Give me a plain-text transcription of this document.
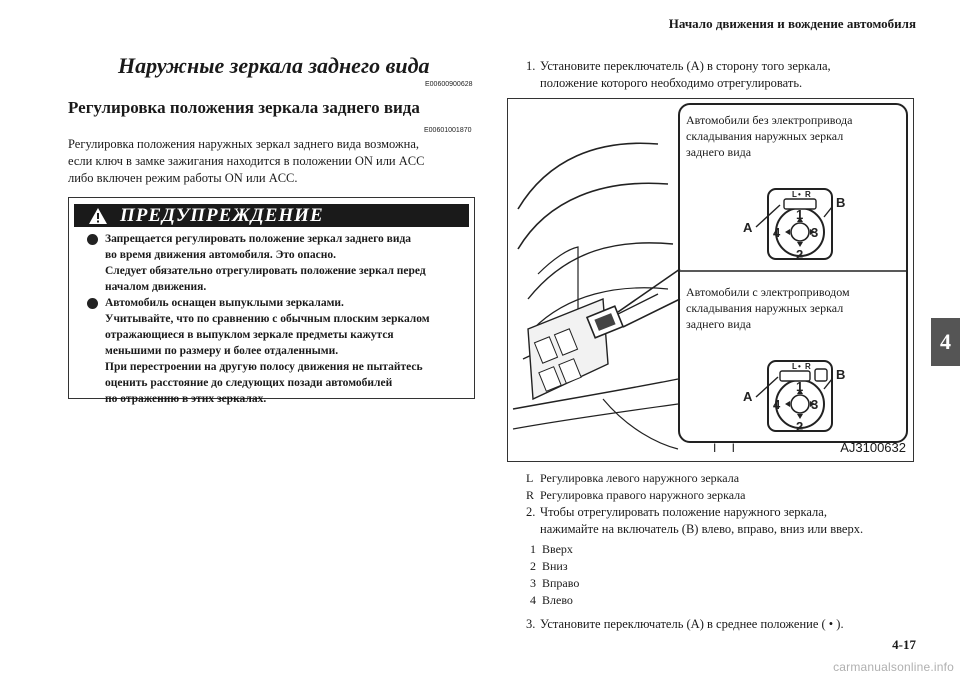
Начало движения и вождение автомобиля
4
4-17
carmanualsonline.info
Наружные зеркала заднего вида
E00600900628
Регулировка положения зеркала заднего вида
E00601001870
Регулировка положения наружных зеркал заднего вида возможна,
если ключ в замке зажигания находится в положении ON или ACC
либо включен режим работы ON или ACC.
ПРЕДУПРЕЖДЕНИЕ
Запрещается регулировать положение зеркал заднего вида
во время движения автомобиля. Это опасно.
Следует обязательно отрегулировать положение зеркал перед
началом движения.
Автомобиль оснащен выпуклыми зеркалами.
Учитывайте, что по сравнению с обычным плоским зеркалом
отражающиеся в выпуклом зеркале предметы кажутся
меньшими по размеру и более отдаленными.
При перестроении на другую полосу движения не пытайтесь
оценить расстояние до следующих позади автомобилей
по отражению в этих зеркалах.
1. Установите переключатель (A) в сторону того зеркала,
положение которого необходимо отрегулировать.
L • R
1
2
3
4
A
B
L • R
1
2
3
4
A
B
Автомобили без электропривода
складывания наружных зеркал
заднего вида
Автомобили с электроприводом
складывания наружных зеркал
заднего вида
I I	AJ3100632
L Регулировка левого наружного зеркала
R Регулировка правого наружного зеркала
2. Чтобы отрегулировать положение наружного зеркала,
нажимайте на включатель (B) влево, вправо, вниз или вверх.
1 Вверх
2 Вниз
3 Вправо
4 Влево
3. Установите переключатель (A) в среднее положение ( • ).
